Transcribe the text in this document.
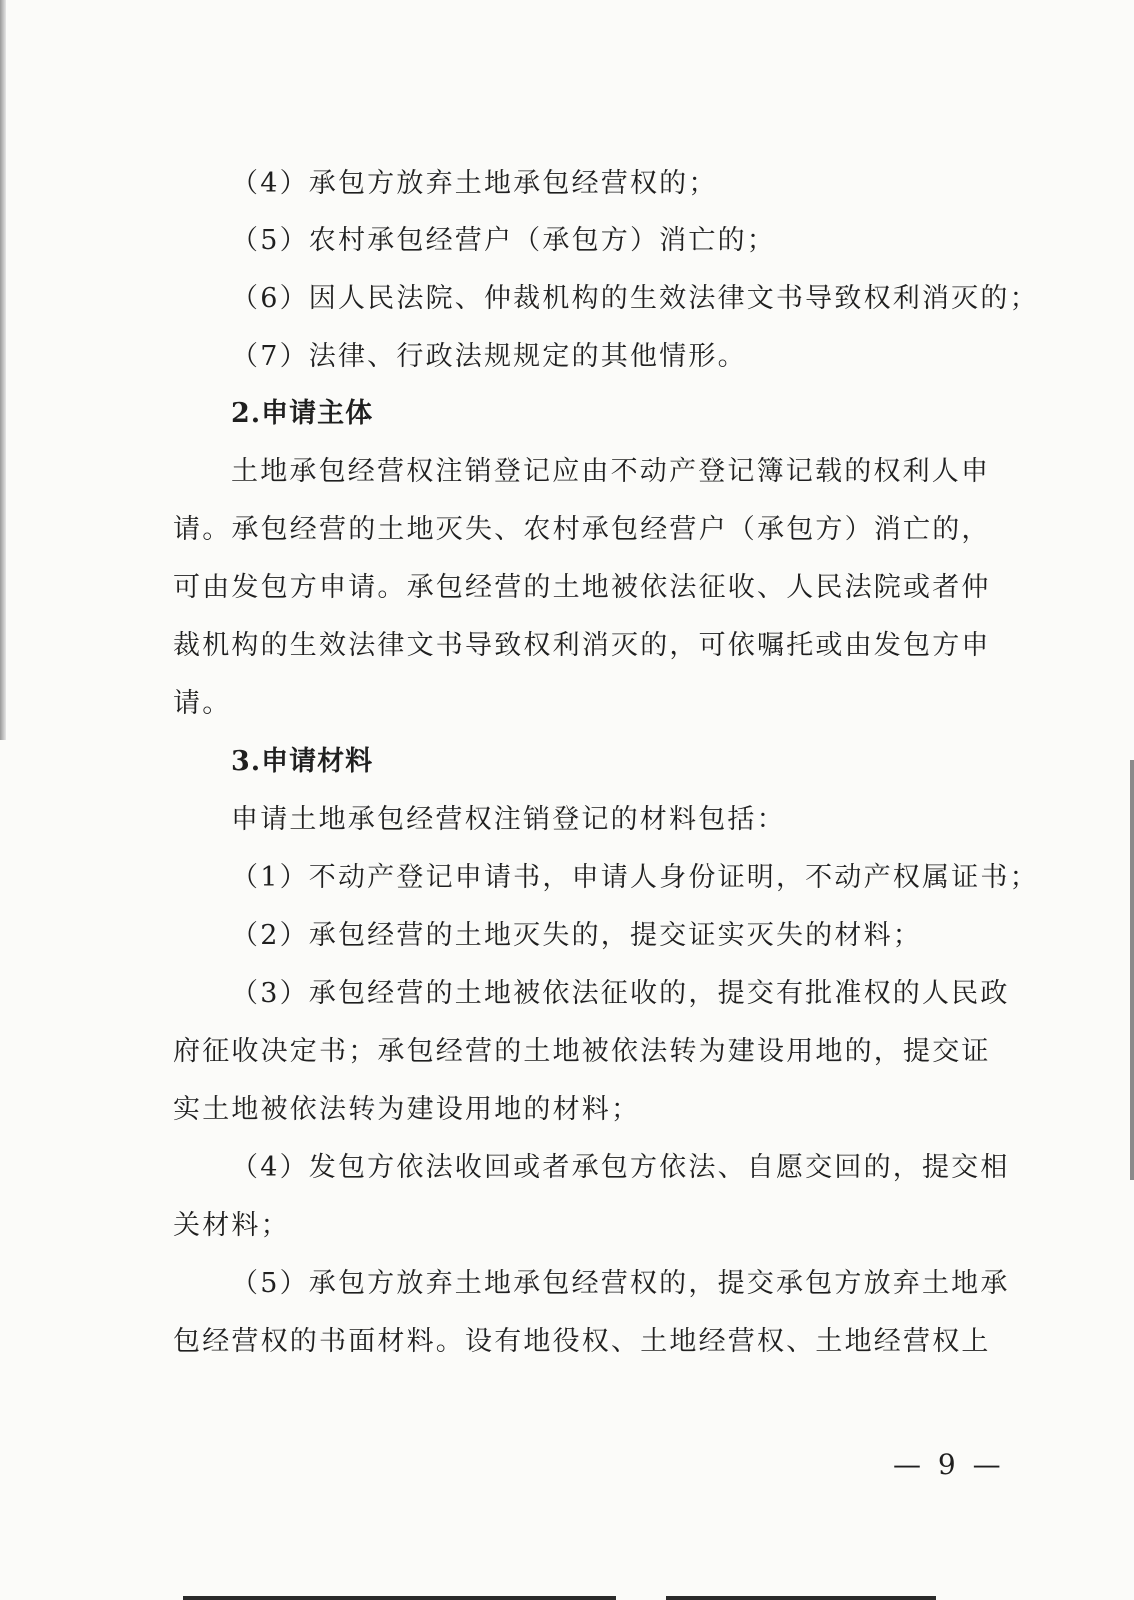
（4）承包方放弃土地承包经营权的；
（5）农村承包经营户（承包方）消亡的；
（6）因人民法院、仲裁机构的生效法律文书导致权利消灭的；
（7）法律、行政法规规定的其他情形。
2.申请主体
土地承包经营权注销登记应由不动产登记簿记载的权利人申
请。承包经营的土地灭失、农村承包经营户（承包方）消亡的，
可由发包方申请。承包经营的土地被依法征收、人民法院或者仲
裁机构的生效法律文书导致权利消灭的，可依嘱托或由发包方申
请。
3.申请材料
申请土地承包经营权注销登记的材料包括：
（1）不动产登记申请书，申请人身份证明，不动产权属证书；
（2）承包经营的土地灭失的，提交证实灭失的材料；
（3）承包经营的土地被依法征收的，提交有批准权的人民政
府征收决定书；承包经营的土地被依法转为建设用地的，提交证
实土地被依法转为建设用地的材料；
（4）发包方依法收回或者承包方依法、自愿交回的，提交相
关材料；
（5）承包方放弃土地承包经营权的，提交承包方放弃土地承
包经营权的书面材料。设有地役权、土地经营权、土地经营权上
— 9 —
